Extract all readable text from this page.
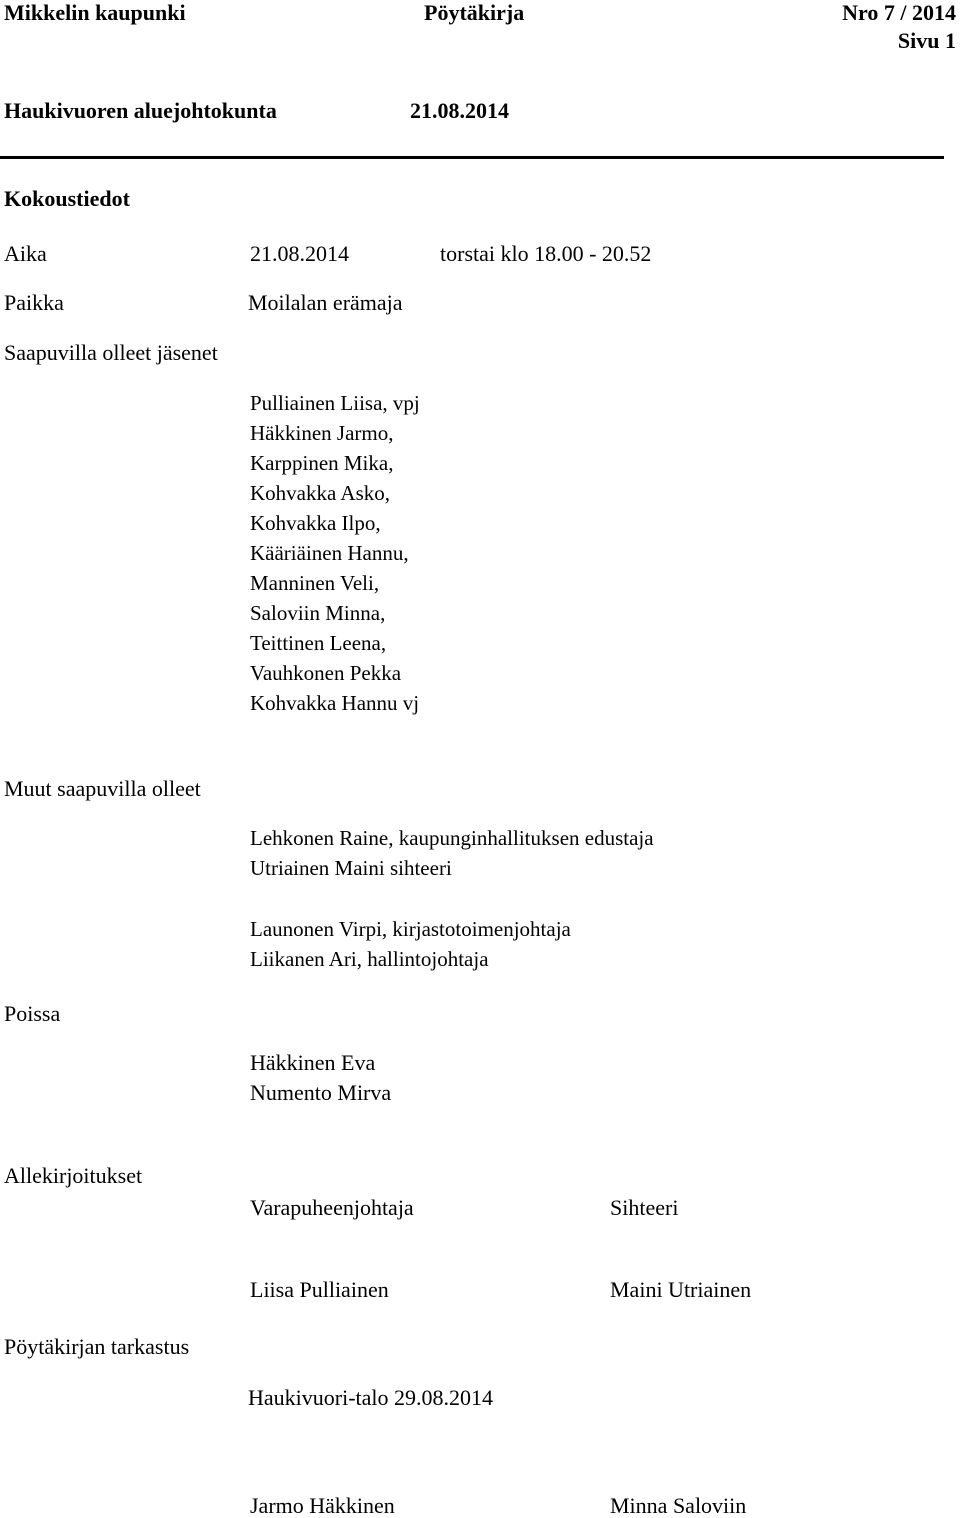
Mikkelin kaupunki	Pöytäkirja	Nro 7 / 2014
Sivu 1
Haukivuoren aluejohtokunta	21.08.2014
Kokoustiedot
Aika	21.08.2014	torstai klo 18.00 - 20.52
Paikka	Moilalan erämaja
Saapuvilla olleet jäsenet
Pulliainen Liisa, vpj
Häkkinen Jarmo,
Karppinen Mika,
Kohvakka Asko,
Kohvakka Ilpo,
Kääriäinen Hannu,
Manninen Veli,
Saloviin Minna,
Teittinen Leena,
Vauhkonen Pekka
Kohvakka Hannu vj
Muut saapuvilla olleet
Lehkonen Raine, kaupunginhallituksen edustaja
Utriainen Maini sihteeri
Launonen Virpi, kirjastotoimenjohtaja
Liikanen Ari, hallintojohtaja
Poissa
Häkkinen Eva
Numento Mirva
Allekirjoitukset
Varapuheenjohtaja	Sihteeri
Liisa Pulliainen	Maini Utriainen
Pöytäkirjan tarkastus
Haukivuori-talo 29.08.2014
Jarmo Häkkinen	Minna Saloviin
